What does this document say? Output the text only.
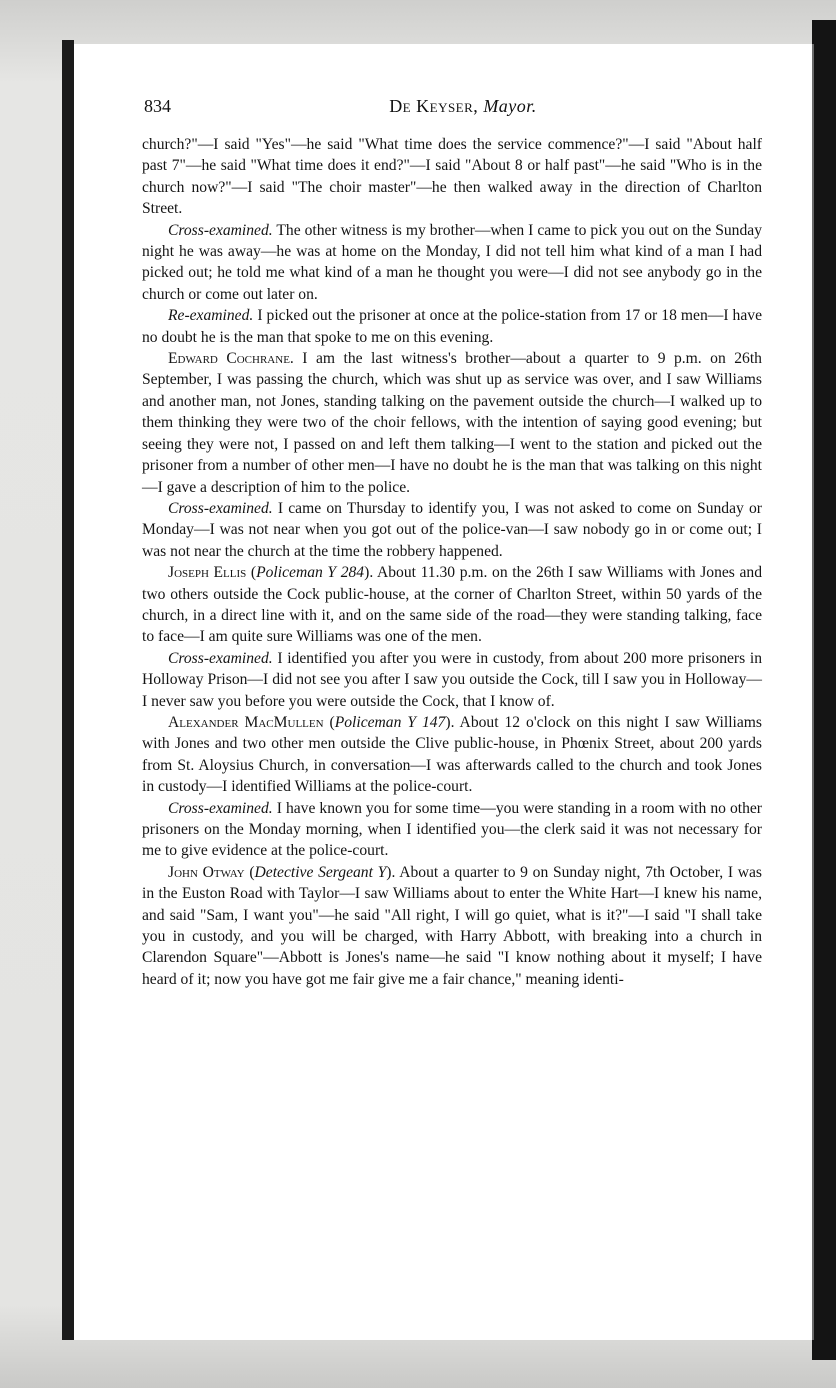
834	De Keyser, Mayor.

church?"—I said "Yes"—he said "What time does the service commence?"—I said "About half past 7"—he said "What time does it end?"—I said "About 8 or half past"—he said "Who is in the church now?"—I said "The choir master"—he then walked away in the direction of Charlton Street.

Cross-examined. The other witness is my brother—when I came to pick you out on the Sunday night he was away—he was at home on the Monday, I did not tell him what kind of a man I had picked out; he told me what kind of a man he thought you were—I did not see anybody go in the church or come out later on.

Re-examined. I picked out the prisoner at once at the police-station from 17 or 18 men—I have no doubt he is the man that spoke to me on this evening.

Edward Cochrane. I am the last witness's brother—about a quarter to 9 p.m. on 26th September, I was passing the church, which was shut up as service was over, and I saw Williams and another man, not Jones, standing talking on the pavement outside the church—I walked up to them thinking they were two of the choir fellows, with the intention of saying good evening; but seeing they were not, I passed on and left them talking—I went to the station and picked out the prisoner from a number of other men—I have no doubt he is the man that was talking on this night—I gave a description of him to the police.

Cross-examined. I came on Thursday to identify you, I was not asked to come on Sunday or Monday—I was not near when you got out of the police-van—I saw nobody go in or come out; I was not near the church at the time the robbery happened.

Joseph Ellis (Policeman Y 284). About 11.30 p.m. on the 26th I saw Williams with Jones and two others outside the Cock public-house, at the corner of Charlton Street, within 50 yards of the church, in a direct line with it, and on the same side of the road—they were standing talking, face to face—I am quite sure Williams was one of the men.

Cross-examined. I identified you after you were in custody, from about 200 more prisoners in Holloway Prison—I did not see you after I saw you outside the Cock, till I saw you in Holloway—I never saw you before you were outside the Cock, that I know of.

Alexander MacMullen (Policeman Y 147). About 12 o'clock on this night I saw Williams with Jones and two other men outside the Clive public-house, in Phœnix Street, about 200 yards from St. Aloysius Church, in conversation—I was afterwards called to the church and took Jones in custody—I identified Williams at the police-court.

Cross-examined. I have known you for some time—you were standing in a room with no other prisoners on the Monday morning, when I identified you—the clerk said it was not necessary for me to give evidence at the police-court.

John Otway (Detective Sergeant Y). About a quarter to 9 on Sunday night, 7th October, I was in the Euston Road with Taylor—I saw Williams about to enter the White Hart—I knew his name, and said "Sam, I want you"—he said "All right, I will go quiet, what is it?"—I said "I shall take you in custody, and you will be charged, with Harry Abbott, with breaking into a church in Clarendon Square"—Abbott is Jones's name—he said "I know nothing about it myself; I have heard of it; now you have got me fair give me a fair chance," meaning identi-
